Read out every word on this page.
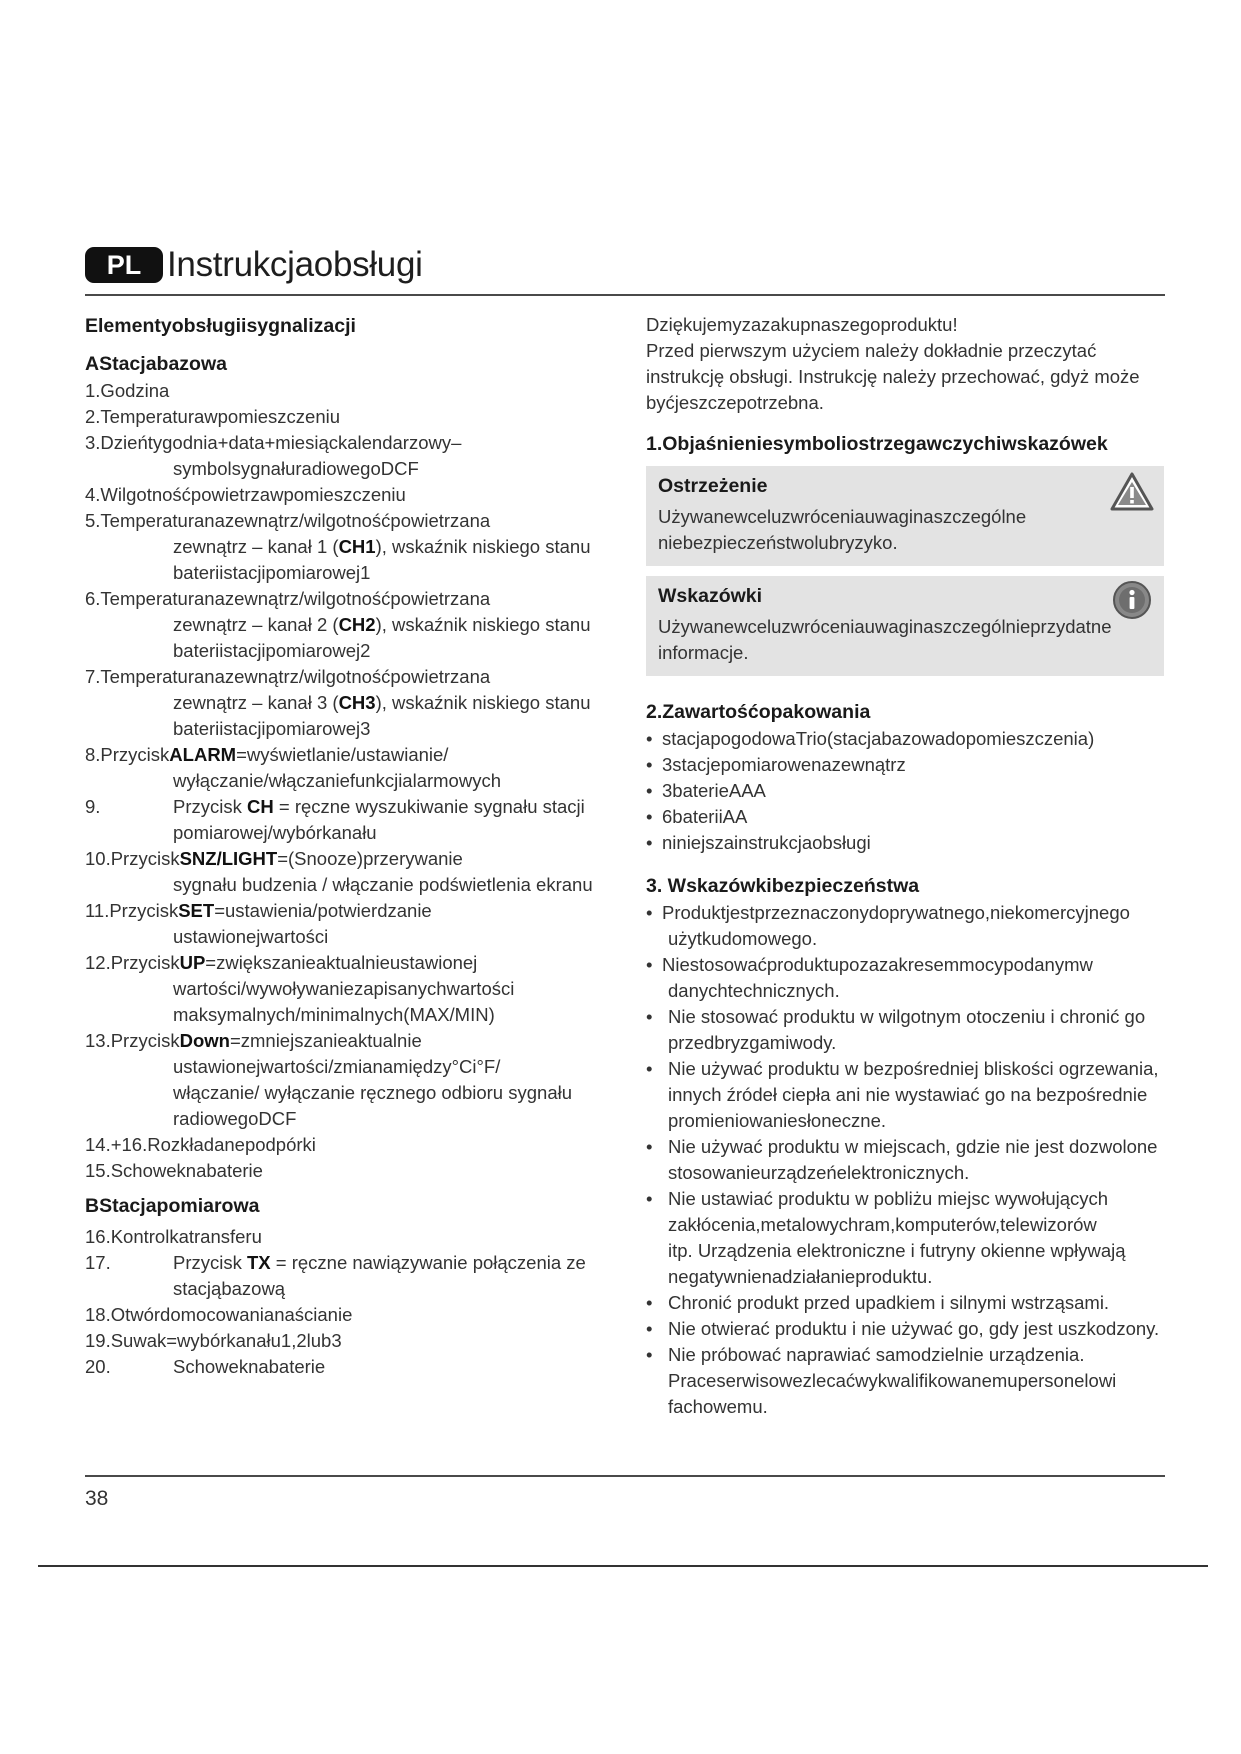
PL Instrukcjaobsługi
Elementyobsługiisygnalizacji
AStacjabazowa
1.Godzina
2.Temperaturawpomieszczeniu
3.Dzieńtygodnia+data+miesiąckalendarzowy–
symbolsygnałuradiowegoDCF
4.Wilgotnośćpowietrzawpomieszczeniu
5.Temperaturanazewnątrz/wilgotnośćpowietrzana
zewnątrz – kanał 1 (CH1), wskaźnik niskiego stanu
bateriistacjipomiarowej1
6.Temperaturanazewnątrz/wilgotnośćpowietrzana
zewnątrz – kanał 2 (CH2), wskaźnik niskiego stanu
bateriistacjipomiarowej2
7.Temperaturanazewnątrz/wilgotnośćpowietrzana
zewnątrz – kanał 3 (CH3), wskaźnik niskiego stanu
bateriistacjipomiarowej3
8.PrzyciskALARM=wyświetlanie/ustawianie/
wyłączanie/włączaniefunkcjialarmowych
9.	Przycisk CH = ręczne wyszukiwanie sygnału stacji
pomiarowej/wybórkanału
10.PrzyciskSNZ/LIGHT=(Snooze)przerywanie
sygnału budzenia / włączanie podświetlenia ekranu
11.PrzyciskSET=ustawienia/potwierdzanie
ustawionejwartości
12.PrzyciskUP=zwiększanieaktualnieustawionej
wartości/wywoływaniezapisanychwartości
maksymalnych/minimalnych(MAX/MIN)
13.PrzyciskDown=zmniejszanieaktualnie
ustawionejwartości/zmianamiędzy°Ci°F/
włączanie/ wyłączanie ręcznego odbioru sygnału
radiowegoDCF
14.+16.Rozkładanepodpórki
15.Schoweknabaterie
BStacjapomiarowa
16.Kontrolkatransferu
17.	Przycisk TX = ręczne nawiązywanie połączenia ze
stacjąbazową
18.Otwórdomocowanianaścianie
19.Suwak=wybórkanału1,2lub3
20.	Schoweknabaterie
Dziękujemyzazakupnaszegoproduktu!
Przed pierwszym użyciem należy dokładnie przeczytać
instrukcję obsługi. Instrukcję należy przechować, gdyż może
byćjeszczepotrzebna.
1.Objaśnieniesymboliostrzegawczychiwskazówek
Ostrzeżenie
Używanewceluzwróceniauwaginaszczególne
niebezpieczeństwolubryzyko.
Wskazówki
Używanewceluzwróceniauwaginaszczególnieprzydatne
informacje.
2.Zawartośćopakowania
• stacjapogodowaTrio(stacjabazowadopomieszczenia)
• 3stacjepomiarowenazewnątrz
• 3baterieAAA
• 6bateriiAA
• niniejszainstrukcjaobsługi
3. Wskazówkibezpieczeństwa
• Produktjestprzeznaczonydoprywatnego,niekomercyjnego
użytkudomowego.
• Niestosowaćproduktupozazakresemmocypodanymw
danychtechnicznych.
• Nie stosować produktu w wilgotnym otoczeniu i chronić go
przedbryzgamiwody.
• Nie używać produktu w bezpośredniej bliskości ogrzewania,
innych źródeł ciepła ani nie wystawiać go na bezpośrednie
promieniowaniesłoneczne.
• Nie używać produktu w miejscach, gdzie nie jest dozwolone
stosowanieurządzeńelektronicznych.
• Nie ustawiać produktu w pobliżu miejsc wywołujących
zakłócenia,metalowychram,komputerów,telewizorów
itp. Urządzenia elektroniczne i futryny okienne wpływają
negatywnienadziałanieproduktu.
• Chronić produkt przed upadkiem i silnymi wstrząsami.
• Nie otwierać produktu i nie używać go, gdy jest uszkodzony.
• Nie próbować naprawiać samodzielnie urządzenia.
Praceserwisowezlecaćwykwalifikowanemupersonelowi
fachowemu.
38
